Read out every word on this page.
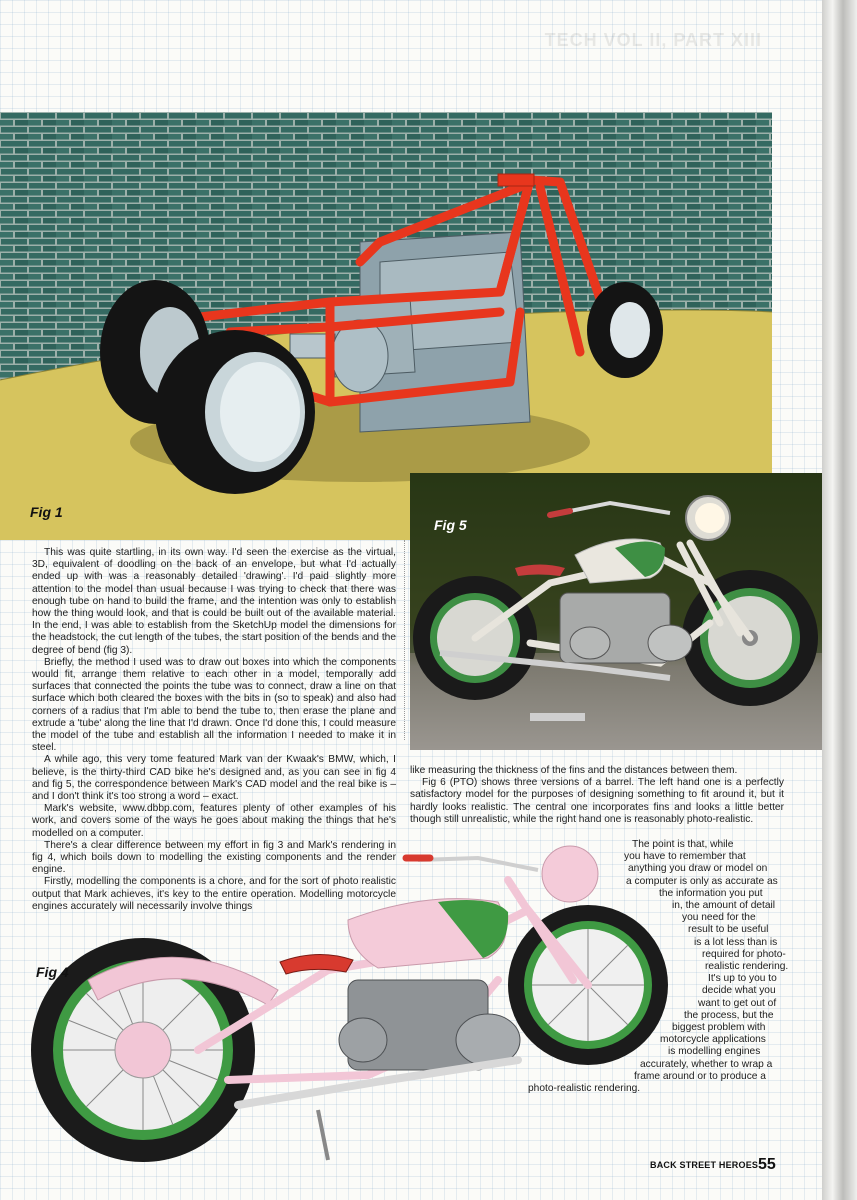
TECH VOL II, PART XIII
Fig 1
Fig 5
Fig 4

This was quite startling, in its own way. I'd seen the exercise as the virtual, 3D, equivalent of doodling on the back of an envelope, but what I'd actually ended up with was a reasonably detailed 'drawing'. I'd paid slightly more attention to the model than usual because I was trying to check that there was enough tube on hand to build the frame, and the intention was only to establish how the thing would look, and that is could be built out of the available material. In the end, I was able to establish from the SketchUp model the dimensions for the headstock, the cut length of the tubes, the start position of the bends and the degree of bend (fig 3).

Briefly, the method I used was to draw out boxes into which the components would fit, arrange them relative to each other in a model, temporally add surfaces that connected the points the tube was to connect, draw a line on that surface which both cleared the boxes with the bits in (so to speak) and also had corners of a radius that I'm able to bend the tube to, then erase the plane and extrude a 'tube' along the line that I'd drawn. Once I'd done this, I could measure the model of the tube and establish all the information I needed to make it in steel.

A while ago, this very tome featured Mark van der Kwaak's BMW, which, I believe, is the thirty-third CAD bike he's designed and, as you can see in fig 4 and fig 5, the correspondence between Mark's CAD model and the real bike is – and I don't think it's too strong a word – exact.

Mark's website, www.dbbp.com, features plenty of other examples of his work, and covers some of the ways he goes about making the things that he's modelled on a computer.

There's a clear difference between my effort in fig 3 and Mark's rendering in fig 4, which boils down to modelling the existing components and the render engine.

Firstly, modelling the components is a chore, and for the sort of photo realistic output that Mark achieves, it's key to the entire operation. Modelling motorcycle engines accurately will necessarily involve things

like measuring the thickness of the fins and the distances between them.

Fig 6 (PTO) shows three versions of a barrel. The left hand one is a perfectly satisfactory model for the purposes of designing something to fit around it, but it hardly looks realistic. The central one incorporates fins and looks a little better though still unrealistic, while the right hand one is reasonably photo-realistic.

The point is that, while

you have to remember that

anything you draw or model on

a computer is only as accurate as

the information you put

in, the amount of detail

you need for the

result to be useful

is a lot less than is

required for photo-

realistic rendering.

It's up to you to

decide what you

want to get out of

the process, but the

biggest problem with

motorcycle applications

is modelling engines

accurately, whether to wrap a

frame around or to produce a

photo-realistic rendering.

BACK STREET HEROES 55
